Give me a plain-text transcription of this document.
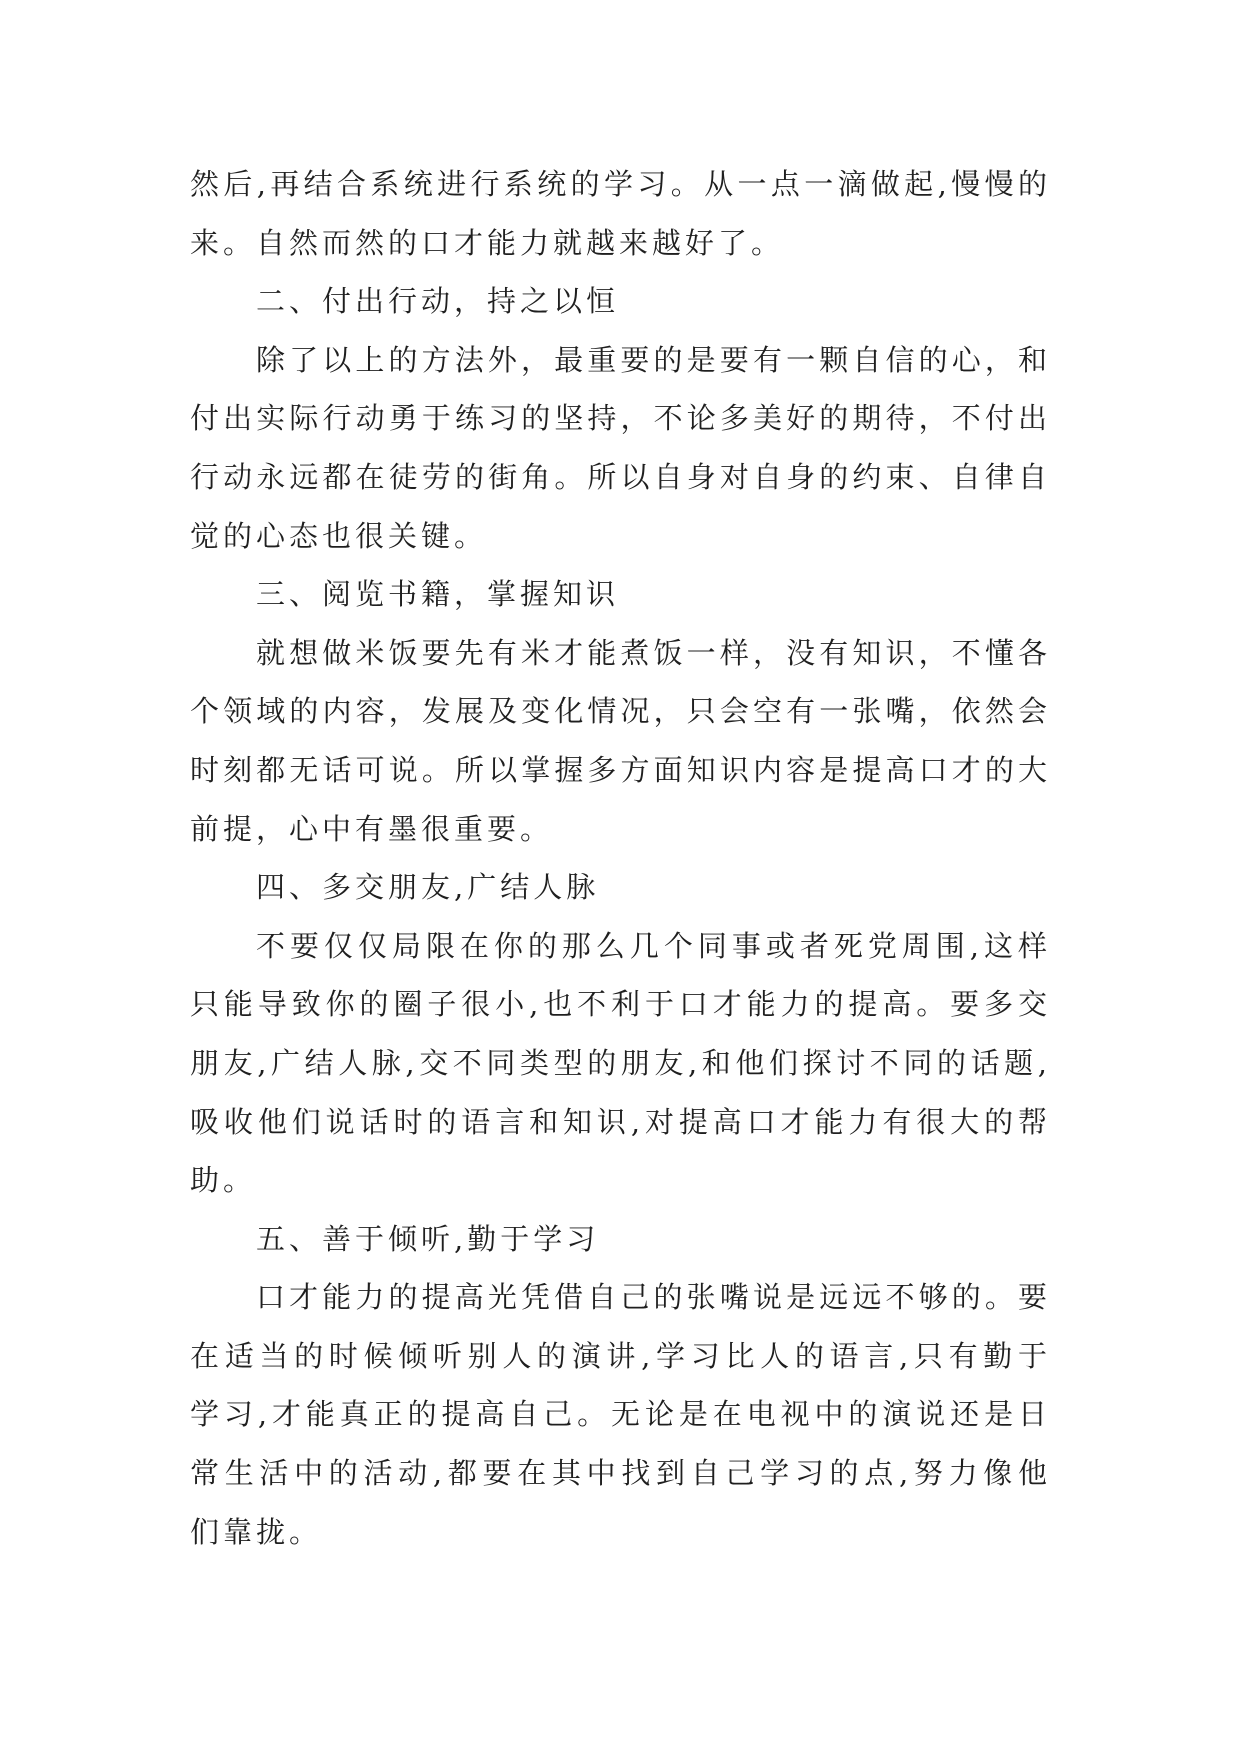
然后,再结合系统进行系统的学习。从一点一滴做起,慢慢的
来。自然而然的口才能力就越来越好了。
二、付出行动，持之以恒
除了以上的方法外，最重要的是要有一颗自信的心，和
付出实际行动勇于练习的坚持，不论多美好的期待，不付出
行动永远都在徒劳的街角。所以自身对自身的约束、自律自
觉的心态也很关键。
三、阅览书籍，掌握知识
就想做米饭要先有米才能煮饭一样，没有知识，不懂各
个领域的内容，发展及变化情况，只会空有一张嘴，依然会
时刻都无话可说。所以掌握多方面知识内容是提高口才的大
前提，心中有墨很重要。
四、多交朋友,广结人脉
不要仅仅局限在你的那么几个同事或者死党周围,这样
只能导致你的圈子很小,也不利于口才能力的提高。要多交
朋友,广结人脉,交不同类型的朋友,和他们探讨不同的话题,
吸收他们说话时的语言和知识,对提高口才能力有很大的帮
助。
五、善于倾听,勤于学习
口才能力的提高光凭借自己的张嘴说是远远不够的。要
在适当的时候倾听别人的演讲,学习比人的语言,只有勤于
学习,才能真正的提高自己。无论是在电视中的演说还是日
常生活中的活动,都要在其中找到自己学习的点,努力像他
们靠拢。
